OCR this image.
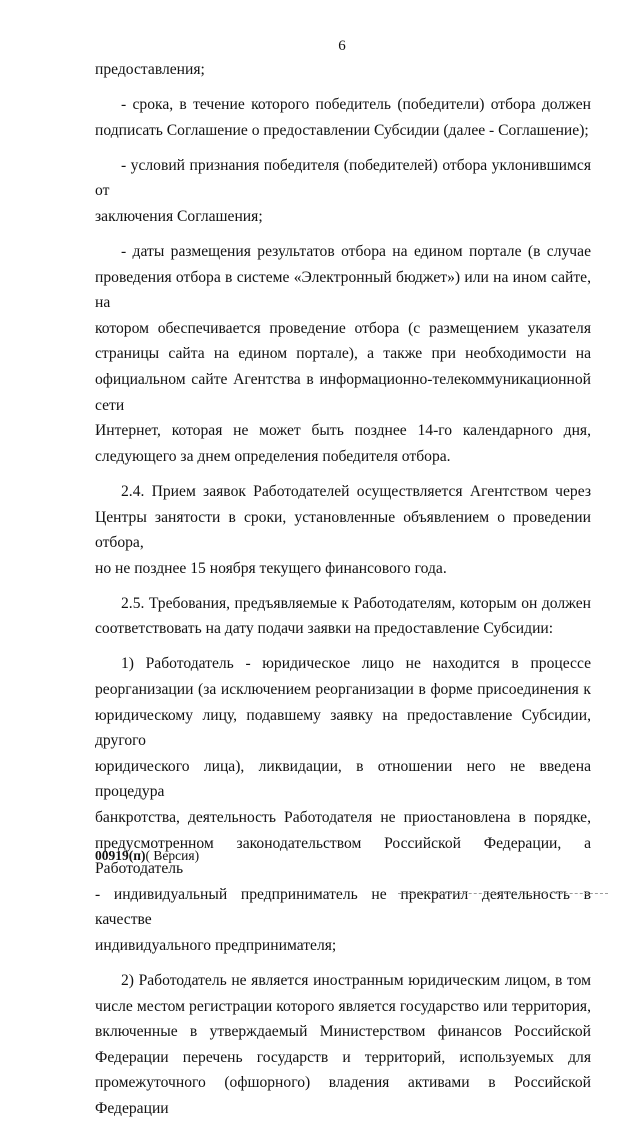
6

предоставления;

- срока, в течение которого победитель (победители) отбора должен

подписать Соглашение о предоставлении Субсидии (далее - Соглашение);

- условий признания победителя (победителей) отбора уклонившимся от

заключения Соглашения;

- даты размещения результатов отбора на едином портале (в случае

проведения отбора в системе «Электронный бюджет») или на ином сайте, на

котором обеспечивается проведение отбора (с размещением указателя

страницы сайта на едином портале), а также при необходимости на

официальном сайте Агентства в информационно-телекоммуникационной сети

Интернет, которая не может быть позднее 14-го календарного дня,

следующего за днем определения победителя отбора.

2.4. Прием заявок Работодателей осуществляется Агентством через

Центры занятости в сроки, установленные объявлением о проведении отбора,

но не позднее 15 ноября текущего финансового года.

2.5. Требования, предъявляемые к Работодателям, которым он должен

соответствовать на дату подачи заявки на предоставление Субсидии:

1) Работодатель - юридическое лицо не находится в процессе

реорганизации (за исключением реорганизации в форме присоединения к

юридическому лицу, подавшему заявку на предоставление Субсидии, другого

юридического лица), ликвидации, в отношении него не введена процедура

банкротства, деятельность Работодателя не приостановлена в порядке,

предусмотренном законодательством Российской Федерации, а Работодатель

- индивидуальный предприниматель не прекратил деятельность в качестве

индивидуального предпринимателя;

2) Работодатель не является иностранным юридическим лицом, в том

числе местом регистрации которого является государство или территория,

включенные в утверждаемый Министерством финансов Российской

Федерации перечень государств и территорий, используемых для

промежуточного (офшорного) владения активами в Российской Федерации

00919(п)( Версия)
